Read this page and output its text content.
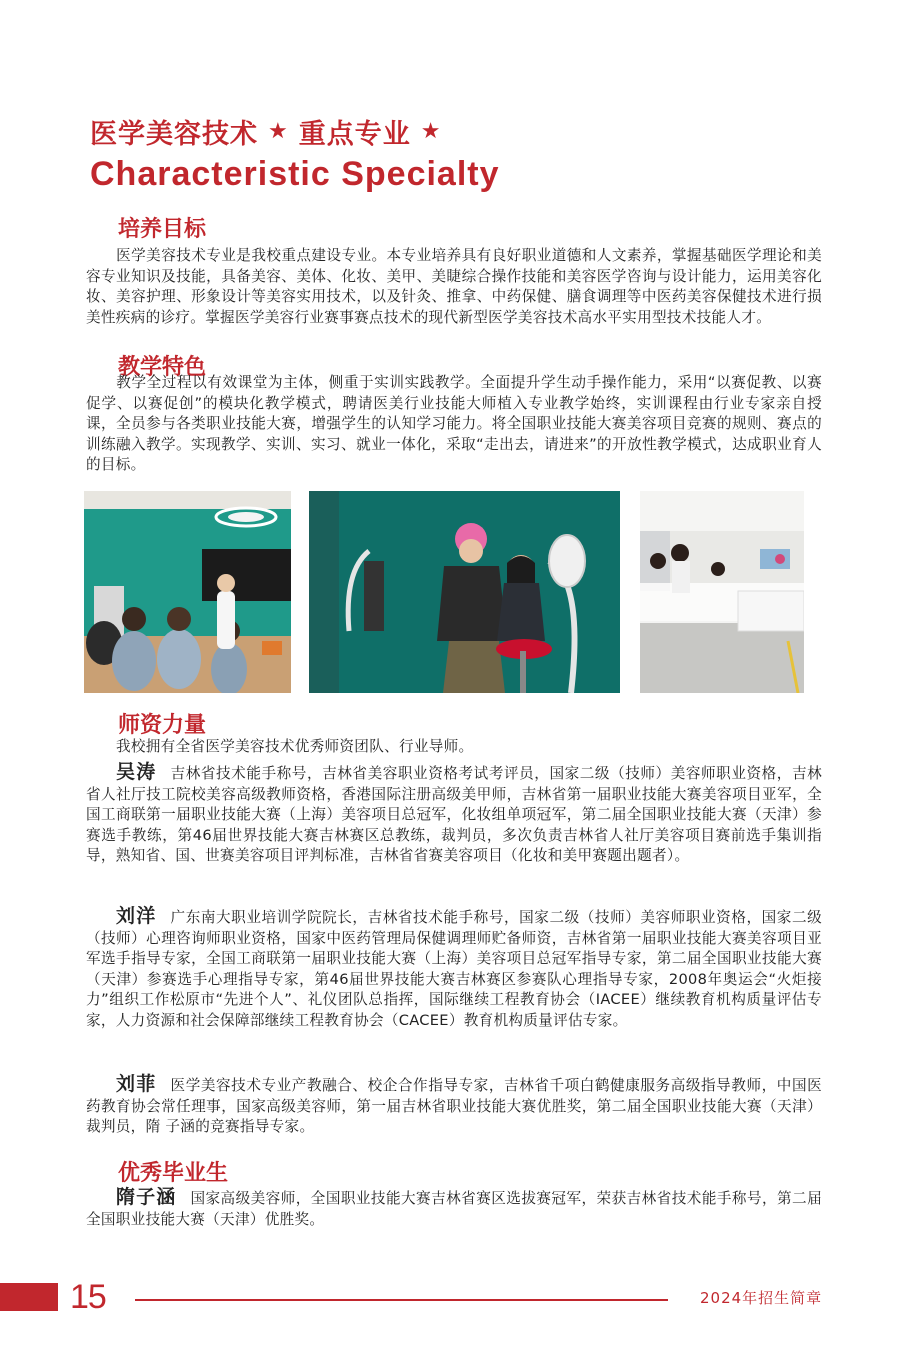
医学美容技术 ★ 重点专业 ★
Characteristic Specialty
培养目标
医学美容技术专业是我校重点建设专业。本专业培养具有良好职业道德和人文素养，掌握基础医学理论和美容专业知识及技能，具备美容、美体、化妆、美甲、美睫综合操作技能和美容医学咨询与设计能力，运用美容化妆、美容护理、形象设计等美容实用技术，以及针灸、推拿、中药保健、膳食调理等中医药美容保健技术进行损美性疾病的诊疗。掌握医学美容行业赛事赛点技术的现代新型医学美容技术高水平实用型技术技能人才。
教学特色
教学全过程以有效课堂为主体，侧重于实训实践教学。全面提升学生动手操作能力，采用“以赛促教、以赛促学、以赛促创”的模块化教学模式，聘请医美行业技能大师植入专业教学始终，实训课程由行业专家亲自授课，全员参与各类职业技能大赛，增强学生的认知学习能力。将全国职业技能大赛美容项目竞赛的规则、赛点的训练融入教学。实现教学、实训、实习、就业一体化，采取“走出去，请进来”的开放性教学模式，达成职业育人的目标。
师资力量
我校拥有全省医学美容技术优秀师资团队、行业导师。
吴涛 吉林省技术能手称号，吉林省美容职业资格考试考评员，国家二级（技师）美容师职业资格，吉林省人社厅技工院校美容高级教师资格，香港国际注册高级美甲师，吉林省第一届职业技能大赛美容项目亚军，全国工商联第一届职业技能大赛（上海）美容项目总冠军，化妆组单项冠军，第二届全国职业技能大赛（天津）参赛选手教练，第46届世界技能大赛吉林赛区总教练，裁判员，多次负责吉林省人社厅美容项目赛前选手集训指导，熟知省、国、世赛美容项目评判标准，吉林省省赛美容项目（化妆和美甲赛题出题者）。
刘洋 广东南大职业培训学院院长，吉林省技术能手称号，国家二级（技师）美容师职业资格，国家二级（技师）心理咨询师职业资格，国家中医药管理局保健调理师贮备师资，吉林省第一届职业技能大赛美容项目亚军选手指导专家，全国工商联第一届职业技能大赛（上海）美容项目总冠军指导专家，第二届全国职业技能大赛（天津）参赛选手心理指导专家，第46届世界技能大赛吉林赛区参赛队心理指导专家，2008年奥运会“火炬接力”组织工作松原市“先进个人”、礼仪团队总指挥，国际继续工程教育协会（IACEE）继续教育机构质量评估专家，人力资源和社会保障部继续工程教育协会（CACEE）教育机构质量评估专家。
刘菲 医学美容技术专业产教融合、校企合作指导专家，吉林省千项白鹤健康服务高级指导教师，中国医药教育协会常任理事，国家高级美容师，第一届吉林省职业技能大赛优胜奖，第二届全国职业技能大赛（天津）裁判员，隋 子涵的竞赛指导专家。
优秀毕业生
隋子涵 国家高级美容师，全国职业技能大赛吉林省赛区选拔赛冠军，荣获吉林省技术能手称号，第二届全国职业技能大赛（天津）优胜奖。
15	2024年招生简章
